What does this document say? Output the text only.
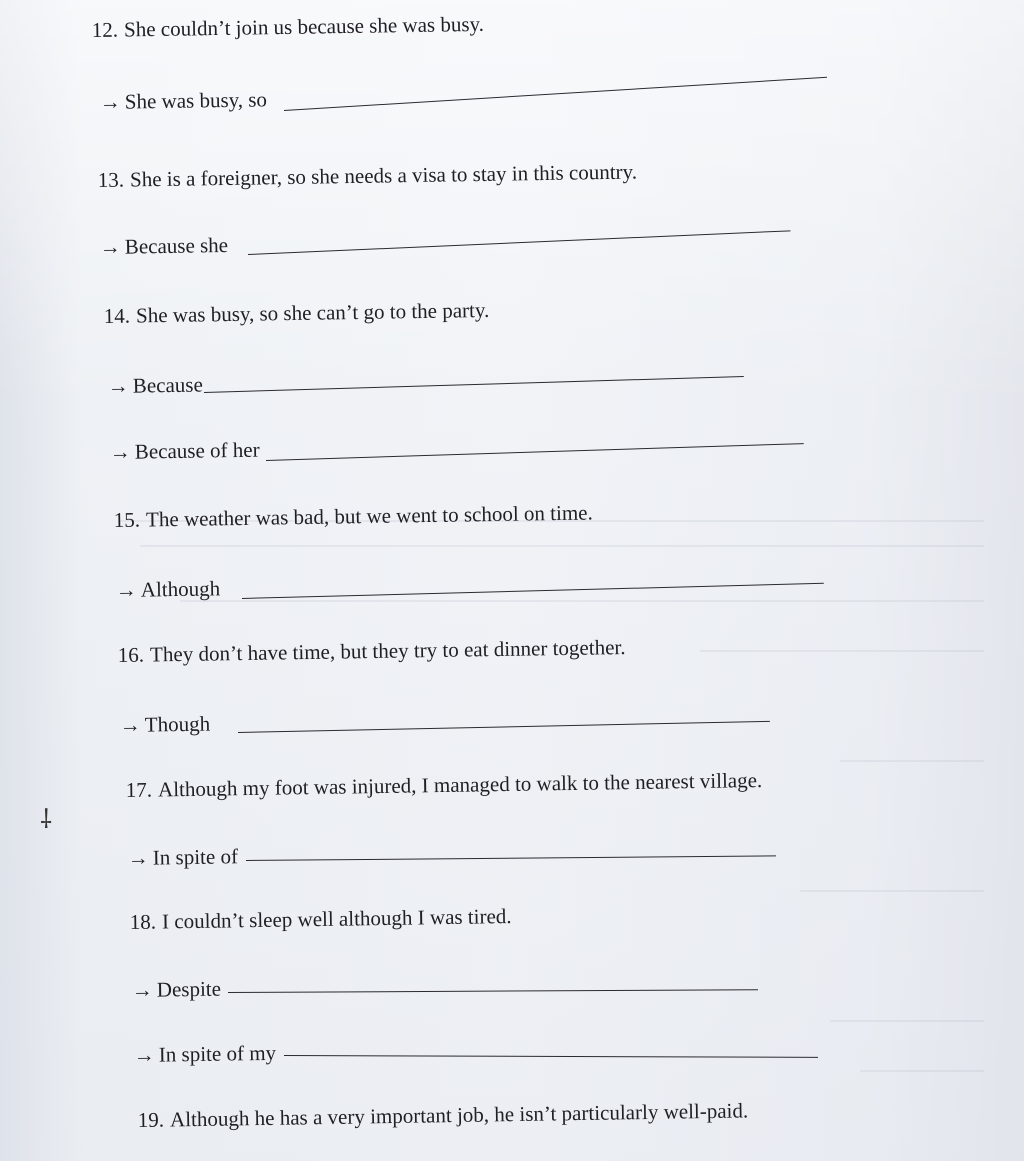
12. She couldn’t join us because she was busy.
→ She was busy, so
13. She is a foreigner, so she needs a visa to stay in this country.
→ Because she
14. She was busy, so she can’t go to the party.
→ Because
→ Because of her
15. The weather was bad, but we went to school on time.
→ Although
16. They don’t have time, but they try to eat dinner together.
→ Though
17. Although my foot was injured, I managed to walk to the nearest village.
⸸
→ In spite of
18. I couldn’t sleep well although I was tired.
→ Despite
→ In spite of my
19. Although he has a very important job, he isn’t particularly well-paid.
